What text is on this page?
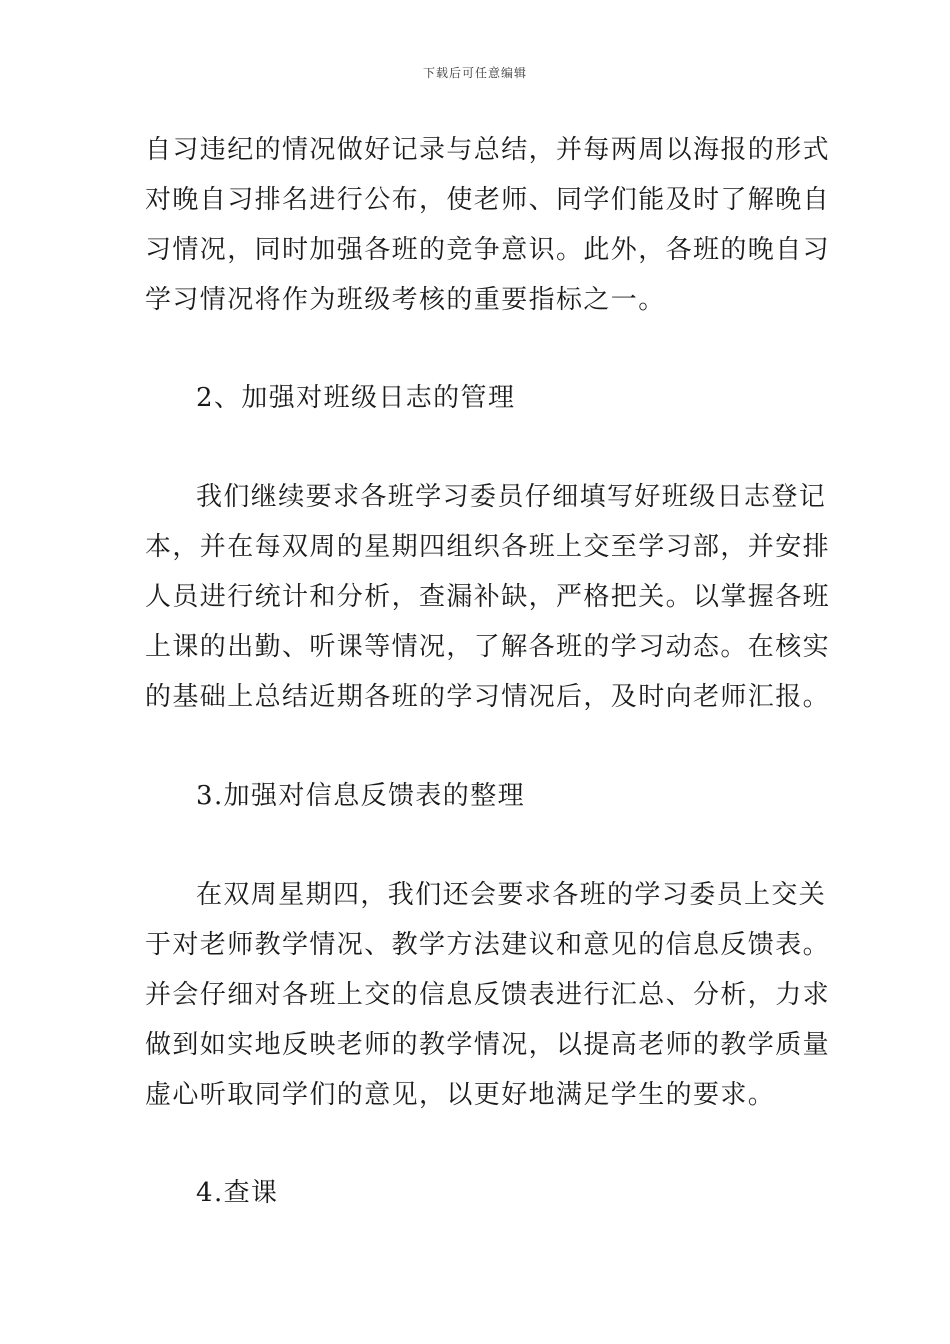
下载后可任意编辑
自习违纪的情况做好记录与总结，并每两周以海报的形式
对晚自习排名进行公布，使老师、同学们能及时了解晚自
习情况，同时加强各班的竞争意识。此外，各班的晚自习
学习情况将作为班级考核的重要指标之一。
2、加强对班级日志的管理
我们继续要求各班学习委员仔细填写好班级日志登记
本，并在每双周的星期四组织各班上交至学习部，并安排
人员进行统计和分析，查漏补缺，严格把关。以掌握各班
上课的出勤、听课等情况，了解各班的学习动态。在核实
的基础上总结近期各班的学习情况后，及时向老师汇报。
3.加强对信息反馈表的整理
在双周星期四，我们还会要求各班的学习委员上交关
于对老师教学情况、教学方法建议和意见的信息反馈表。
并会仔细对各班上交的信息反馈表进行汇总、分析，力求
做到如实地反映老师的教学情况，以提高老师的教学质量
虚心听取同学们的意见，以更好地满足学生的要求。
4.查课
